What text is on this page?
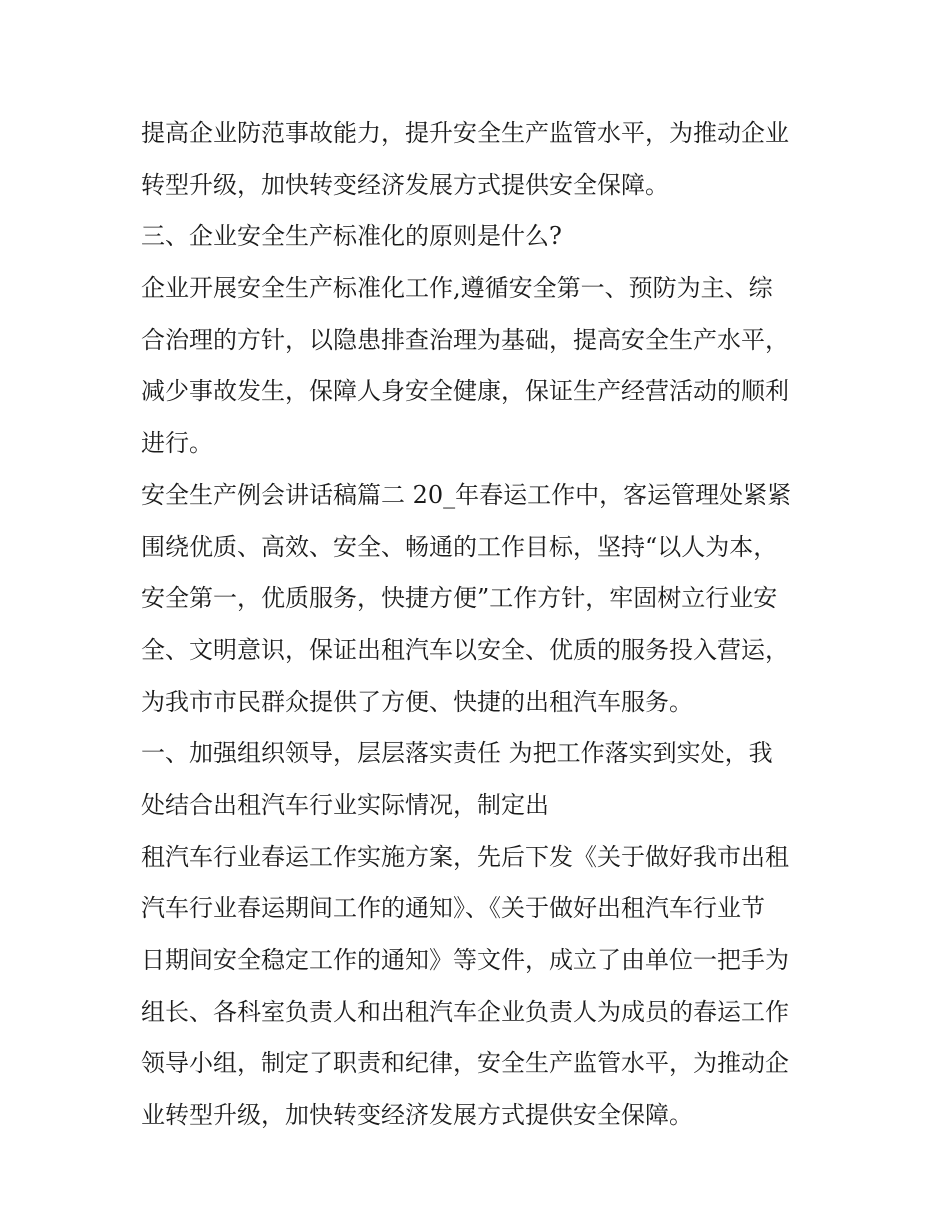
提高企业防范事故能力，提升安全生产监管水平，为推动企业
转型升级，加快转变经济发展方式提供安全保障。
三、企业安全生产标准化的原则是什么?
企业开展安全生产标准化工作,遵循安全第一、预防为主、综
合治理的方针，以隐患排查治理为基础，提高安全生产水平，
减少事故发生，保障人身安全健康，保证生产经营活动的顺利
进行。
安全生产例会讲话稿篇二 20_年春运工作中，客运管理处紧紧
围绕优质、高效、安全、畅通的工作目标，坚持“以人为本，
安全第一，优质服务，快捷方便”工作方针，牢固树立行业安
全、文明意识，保证出租汽车以安全、优质的服务投入营运，
为我市市民群众提供了方便、快捷的出租汽车服务。
一、加强组织领导，层层落实责任 为把工作落实到实处，我
处结合出租汽车行业实际情况，制定出
租汽车行业春运工作实施方案，先后下发《关于做好我市出租
汽车行业春运期间工作的通知》、《关于做好出租汽车行业节
日期间安全稳定工作的通知》等文件，成立了由单位一把手为
组长、各科室负责人和出租汽车企业负责人为成员的春运工作
领导小组，制定了职责和纪律，安全生产监管水平，为推动企
业转型升级，加快转变经济发展方式提供安全保障。
